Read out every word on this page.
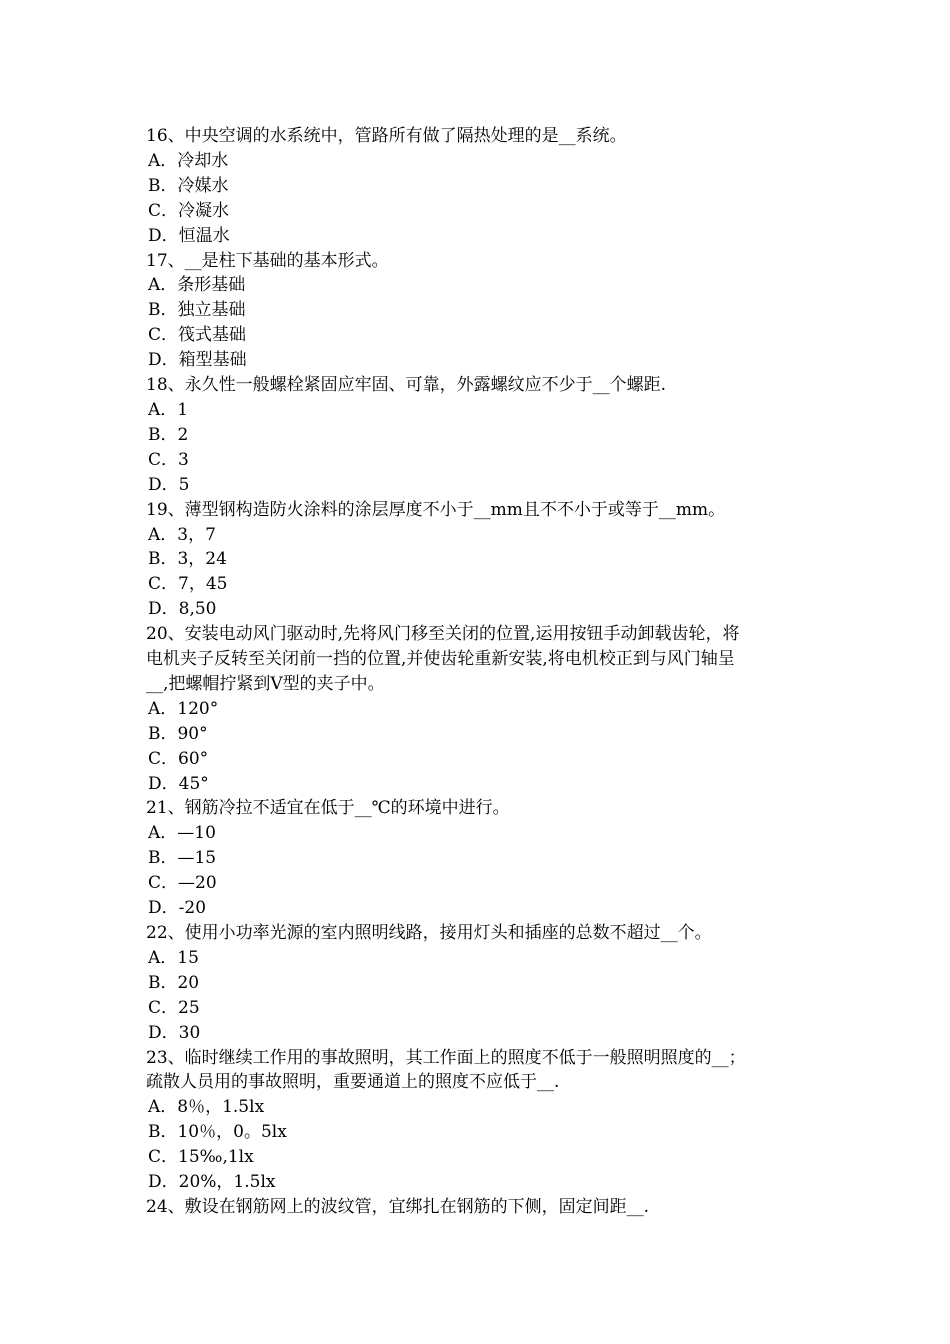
16、中央空调的水系统中，管路所有做了隔热处理的是__系统。
A．冷却水
B．冷媒水
C．冷凝水
D．恒温水
17、__是柱下基础的基本形式。
A．条形基础
B．独立基础
C．筏式基础
D．箱型基础
18、永久性一般螺栓紧固应牢固、可靠，外露螺纹应不少于__个螺距.
A．1
B．2
C．3
D．5
19、薄型钢构造防火涂料的涂层厚度不小于__mm且不不小于或等于__mm。
A．3，7
B．3，24
C．7，45
D．8,50
20、安装电动风门驱动时,先将风门移至关闭的位置,运用按钮手动卸载齿轮，将
电机夹子反转至关闭前一挡的位置,并使齿轮重新安装,将电机校正到与风门轴呈
__,把螺帽拧紧到V型的夹子中。
A．120°
B．90°
C．60°
D．45°
21、钢筋冷拉不适宜在低于__℃的环境中进行。
A．—10
B．—15
C．—20
D．-20
22、使用小功率光源的室内照明线路，接用灯头和插座的总数不超过__个。
A．15
B．20
C．25
D．30
23、临时继续工作用的事故照明，其工作面上的照度不低于一般照明照度的__；
疏散人员用的事故照明，重要通道上的照度不应低于__.
A．8％，1.5lx
B．10％，0。5lx
C．15‰,1lx
D．20%，1.5lx
24、敷设在钢筋网上的波纹管，宜绑扎在钢筋的下侧，固定间距__.
